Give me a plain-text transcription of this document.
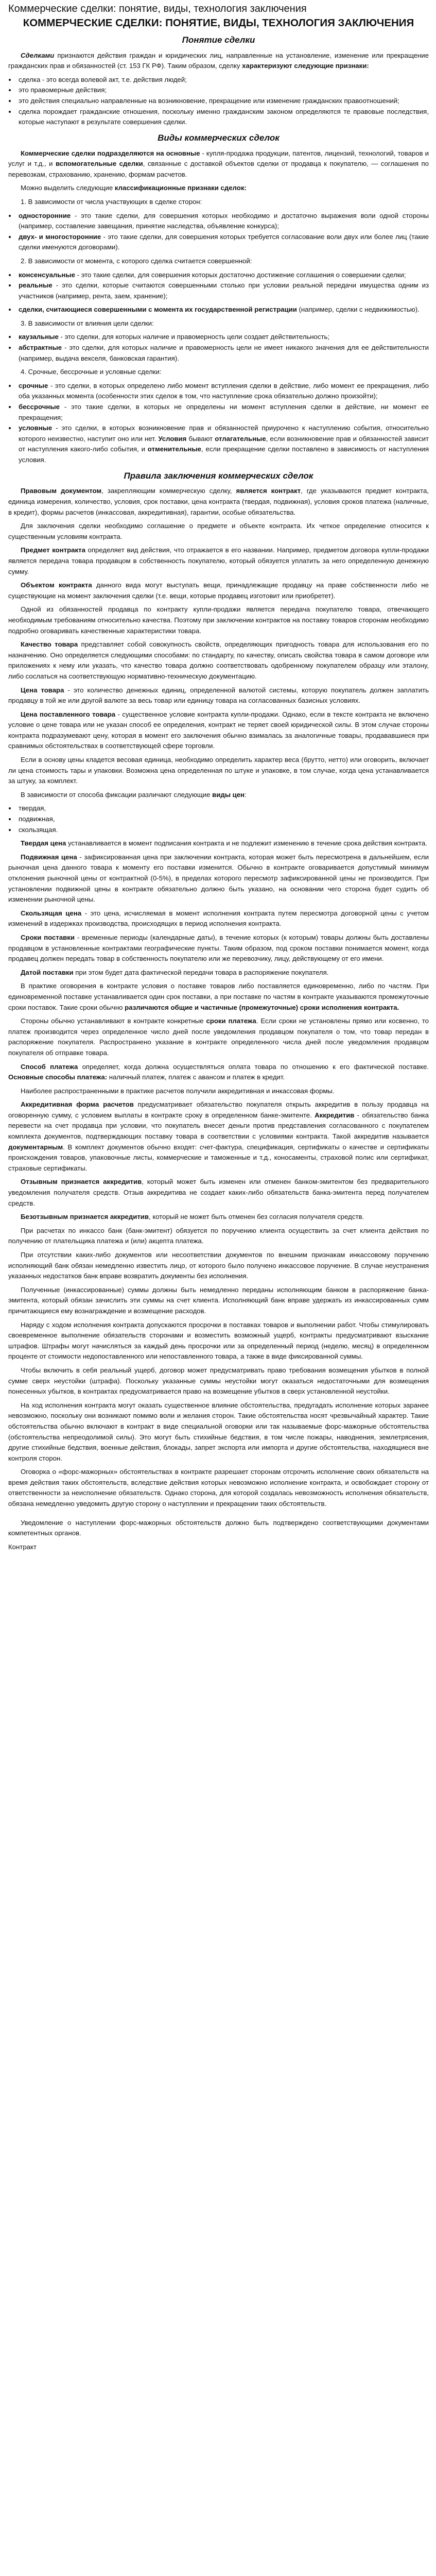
Коммерческие сделки: понятие, виды, технология заключения
КОММЕРЧЕСКИЕ СДЕЛКИ: ПОНЯТИЕ, ВИДЫ, ТЕХНОЛОГИЯ ЗАКЛЮЧЕНИЯ
Понятие сделки

Сделками признаются действия граждан и юридических лиц, направленные на установление, изменение или прекращение гражданских прав и обязанностей (ст. 153 ГК РФ). Таким образом, сделку характеризуют следующие признаки:

• сделка - это всегда волевой акт, т.е. действия людей;
• это правомерные действия;
• это действия специально направленные на возникновение, прекращение или изменение гражданских правоотношений;
• сделка порождает гражданские отношения, поскольку именно гражданским законом определяются те правовые последствия, которые наступают в результате совершения сделки.
Виды коммерческих сделок

Коммерческие сделки подразделяются на основные - купля-продажа продукции, патентов, лицензий, технологий, товаров и услуг и т.д., и вспомогательные сделки, связанные с доставкой объектов сделки от продавца к покупателю, — соглашения по перевозкам, страхованию, хранению, формам расчетов.

Можно выделить следующие классификационные признаки сделок:

1. В зависимости от числа участвующих в сделке сторон:

• односторонние - это такие сделки, для совершения которых необходимо и достаточно выражения воли одной стороны (например, составление завещания, принятие наследства, объявление конкурса);
• двух- и многосторонние - это такие сделки, для совершения которых требуется согласование воли двух или более лиц (такие сделки именуются договорами).

2. В зависимости от момента, с которого сделка считается совершенной:

• консенсуальные - это такие сделки, для совершения которых достаточно достижение соглашения о совершении сделки;
• реальные - это сделки, которые считаются совершенными столько при условии реальной передачи имущества одним из участников (например, рента, заем, хранение);
• сделки, считающиеся совершенными с момента их государственной регистрации (например, сделки с недвижимостью).

3. В зависимости от влияния цели сделки:

• каузальные - это сделки, для которых наличие и правомерность цели создает действительность;
• абстрактные - это сделки, для которых наличие и правомерность цели не имеет никакого значения для ее действительности (например, выдача векселя, банковская гарантия).

4. Срочные, бессрочные и условные сделки:

• срочные - это сделки, в которых определено либо момент вступления сделки в действие, либо момент ее прекращения, либо оба указанных момента (особенности этих сделок в том, что наступление срока обязательно должно произойти);
• бессрочные - это такие сделки, в которых не определены ни момент вступления сделки в действие, ни момент ее прекращения;
• условные - это сделки, в которых возникновение прав и обязанностей приурочено к наступлению события, относительно которого неизвестно, наступит оно или нет. Условия бывают отлагательные, если возникновение прав и обязанностей зависит от наступления какого-либо события, и отменительные, если прекращение сделки поставлено в зависимость от наступления условия.
Правила заключения коммерческих сделок

Правовым документом, закрепляющим коммерческую сделку, является контракт, где указываются предмет контракта, единица измерения, количество, условия, срок поставки, цена контракта (твердая, подвижная), условия сроков платежа (наличные, в кредит), формы расчетов (инкассовая, аккредитивная), гарантии, особые обязательства.

Для заключения сделки необходимо соглашение о предмете и объекте контракта. Их четкое определение относится к существенным условиям контракта.

Предмет контракта определяет вид действия, что отражается в его названии. Например, предметом договора купли-продажи является передача товара продавцом в собственность покупателю, который обязуется уплатить за него определенную денежную сумму.

Объектом контракта данного вида могут выступать вещи, принадлежащие продавцу на праве собственности либо не существующие на момент заключения сделки (т.е. вещи, которые продавец изготовит или приобретет).

Одной из обязанностей продавца по контракту купли-продажи является передача покупателю товара, отвечающего необходимым требованиям относительно качества. Поэтому при заключении контрактов на поставку товаров сторонам необходимо подробно оговаривать качественные характеристики товара.

Качество товара представляет собой совокупность свойств, определяющих пригодность товара для использования его по назначению. Оно определяется следующими способами: по стандарту, по качеству, описать свойства товара в самом договоре или приложениях к нему или указать, что качество товара должно соответствовать одобренному покупателем образцу или эталону, либо сослаться на соответствующую нормативно-техническую документацию.

Цена товара - это количество денежных единиц, определенной валютой системы, которую покупатель должен заплатить продавцу в той же или другой валюте за весь товар или единицу товара на согласованных базисных условиях.

Цена поставленного товара - существенное условие контракта купли-продажи. Однако, если в тексте контракта не включено условие о цене товара или не указан способ ее определения, контракт не теряет своей юридической силы. В этом случае стороны контракта подразумевают цену, которая в момент его заключения обычно взималась за аналогичные товары, продававшиеся при сравнимых обстоятельствах в соответствующей сфере торговли.

Если в основу цены кладется весовая единица, необходимо определить характер веса (брутто, нетто) или оговорить, включает ли цена стоимость тары и упаковки. Возможна цена определенная по штуке и упаковке, в том случае, когда цена устанавливается за штуку, за комплект.

В зависимости от способа фиксации различают следующие виды цен:

• твердая,
• подвижная,
• скользящая.

Твердая цена устанавливается в момент подписания контракта и не подлежит изменению в течение срока действия контракта.

Подвижная цена - зафиксированная цена при заключении контракта, которая может быть пересмотрена в дальнейшем, если рыночная цена данного товара к моменту его поставки изменится. Обычно в контракте оговаривается допустимый минимум отклонения рыночной цены от контрактной (0-5%), в пределах которого пересмотр зафиксированной цены не производится. При установлении подвижной цены в контракте обязательно должно быть указано, на основании чего сторона будет судить об изменении рыночной цены.

Скользящая цена - это цена, исчисляемая в момент исполнения контракта путем пересмотра договорной цены с учетом изменений в издержках производства, происходящих в период исполнения контракта.

Сроки поставки - временные периоды (календарные даты), в течение которых (к которым) товары должны быть доставлены продавцом в установленные контрактами географические пункты. Таким образом, под сроком поставки понимается момент, когда продавец должен передать товар в собственность покупателю или же перевозчику, лицу, действующему от его имени.

Датой поставки при этом будет дата фактической передачи товара в распоряжение покупателя.

В практике оговорения в контракте условия о поставке товаров либо поставляется единовременно, либо по частям. При единовременной поставке устанавливается один срок поставки, а при поставке по частям в контракте указываются промежуточные сроки поставок. Такие сроки обычно различаются общие и частичные (промежуточные) сроки исполнения контракта.

Стороны обычно устанавливают в контракте конкретные сроки платежа. Если сроки не установлены прямо или косвенно, то платеж производится через определенное число дней после уведомления продавцом покупателя о том, что товар передан в распоряжение покупателя. Распространено указание в контракте определенного числа дней после уведомления продавцом покупателя об отправке товара.

Способ платежа определяет, когда должна осуществляться оплата товара по отношению к его фактической поставке. Основные способы платежа: наличный платеж, платеж с авансом и платеж в кредит.

Наиболее распространенными в практике расчетов получили аккредитивная и инкассовая формы.

Аккредитивная форма расчетов предусматривает обязательство покупателя открыть аккредитив в пользу продавца на оговоренную сумму, с условием выплаты в контракте сроку в определенном банке-эмитенте. Аккредитив - обязательство банка перевести на счет продавца при условии, что покупатель внесет деньги против представления согласованного с покупателем комплекта документов, подтверждающих поставку товара в соответствии с условиями контракта. Такой аккредитив называется документарным. В комплект документов обычно входят: счет-фактура, спецификация, сертификаты о качестве и сертификаты происхождения товаров, упаковочные листы, коммерческие и таможенные и т.д., коносаменты, страховой полис или сертификат, страховые сертификаты.

Отзывным признается аккредитив, который может быть изменен или отменен банком-эмитентом без предварительного уведомления получателя средств. Отзыв аккредитива не создает каких-либо обязательств банка-эмитента перед получателем средств.

Безотзывным признается аккредитив, который не может быть отменен без согласия получателя средств.

При расчетах по инкассо банк (банк-эмитент) обязуется по поручению клиента осуществить за счет клиента действия по получению от плательщика платежа и (или) акцепта платежа.

При отсутствии каких-либо документов или несоответствии документов по внешним признакам инкассовому поручению исполняющий банк обязан немедленно известить лицо, от которого было получено инкассовое поручение. В случае неустранения указанных недостатков банк вправе возвратить документы без исполнения.

Полученные (инкассированные) суммы должны быть немедленно переданы исполняющим банком в распоряжение банка-эмитента, который обязан зачислить эти суммы на счет клиента. Исполняющий банк вправе удержать из инкассированных сумм причитающиеся ему вознаграждение и возмещение расходов.

Наряду с ходом исполнения контракта допускаются просрочки в поставках товаров и выполнении работ. Чтобы стимулировать своевременное выполнение обязательств сторонами и возместить возможный ущерб, контракты предусматривают взыскание штрафов. Штрафы могут начисляться за каждый день просрочки или за определенный период (неделю, месяц) в определенном проценте от стоимости недопоставленного или непоставленного товара, а также в виде фиксированной суммы.

Чтобы включить в себя реальный ущерб, договор может предусматривать право требования возмещения убытков в полной сумме сверх неустойки (штрафа). Поскольку указанные суммы неустойки могут оказаться недостаточными для возмещения понесенных убытков, в контрактах предусматривается право на возмещение убытков в сверх установленной неустойки.

На ход исполнения контракта могут оказать существенное влияние обстоятельства, предугадать исполнение которых заранее невозможно, поскольку они возникают помимо воли и желания сторон. Такие обстоятельства носят чрезвычайный характер. Такие обстоятельства обычно включают в контракт в виде специальной оговорки или так называемые форс-мажорные обстоятельства (обстоятельства непреодолимой силы). Это могут быть стихийные бедствия, в том числе пожары, наводнения, землетрясения, другие стихийные бедствия, военные действия, блокады, запрет экспорта или импорта и другие обстоятельства, находящиеся вне контроля сторон.

Оговорка о «форс-мажорных» обстоятельствах в контракте разрешает сторонам отсрочить исполнение своих обязательств на время действия таких обстоятельств, вследствие действия которых невозможно исполнение контракта, и освобождает сторону от ответственности за неисполнение обязательств. Однако сторона, для которой создалась невозможность исполнения обязательств, обязана немедленно уведомить другую сторону о наступлении и прекращении таких обстоятельств.

Уведомление о наступлении форс-мажорных обстоятельств должно быть подтверждено соответствующими документами компетентных органов.

Контракт
